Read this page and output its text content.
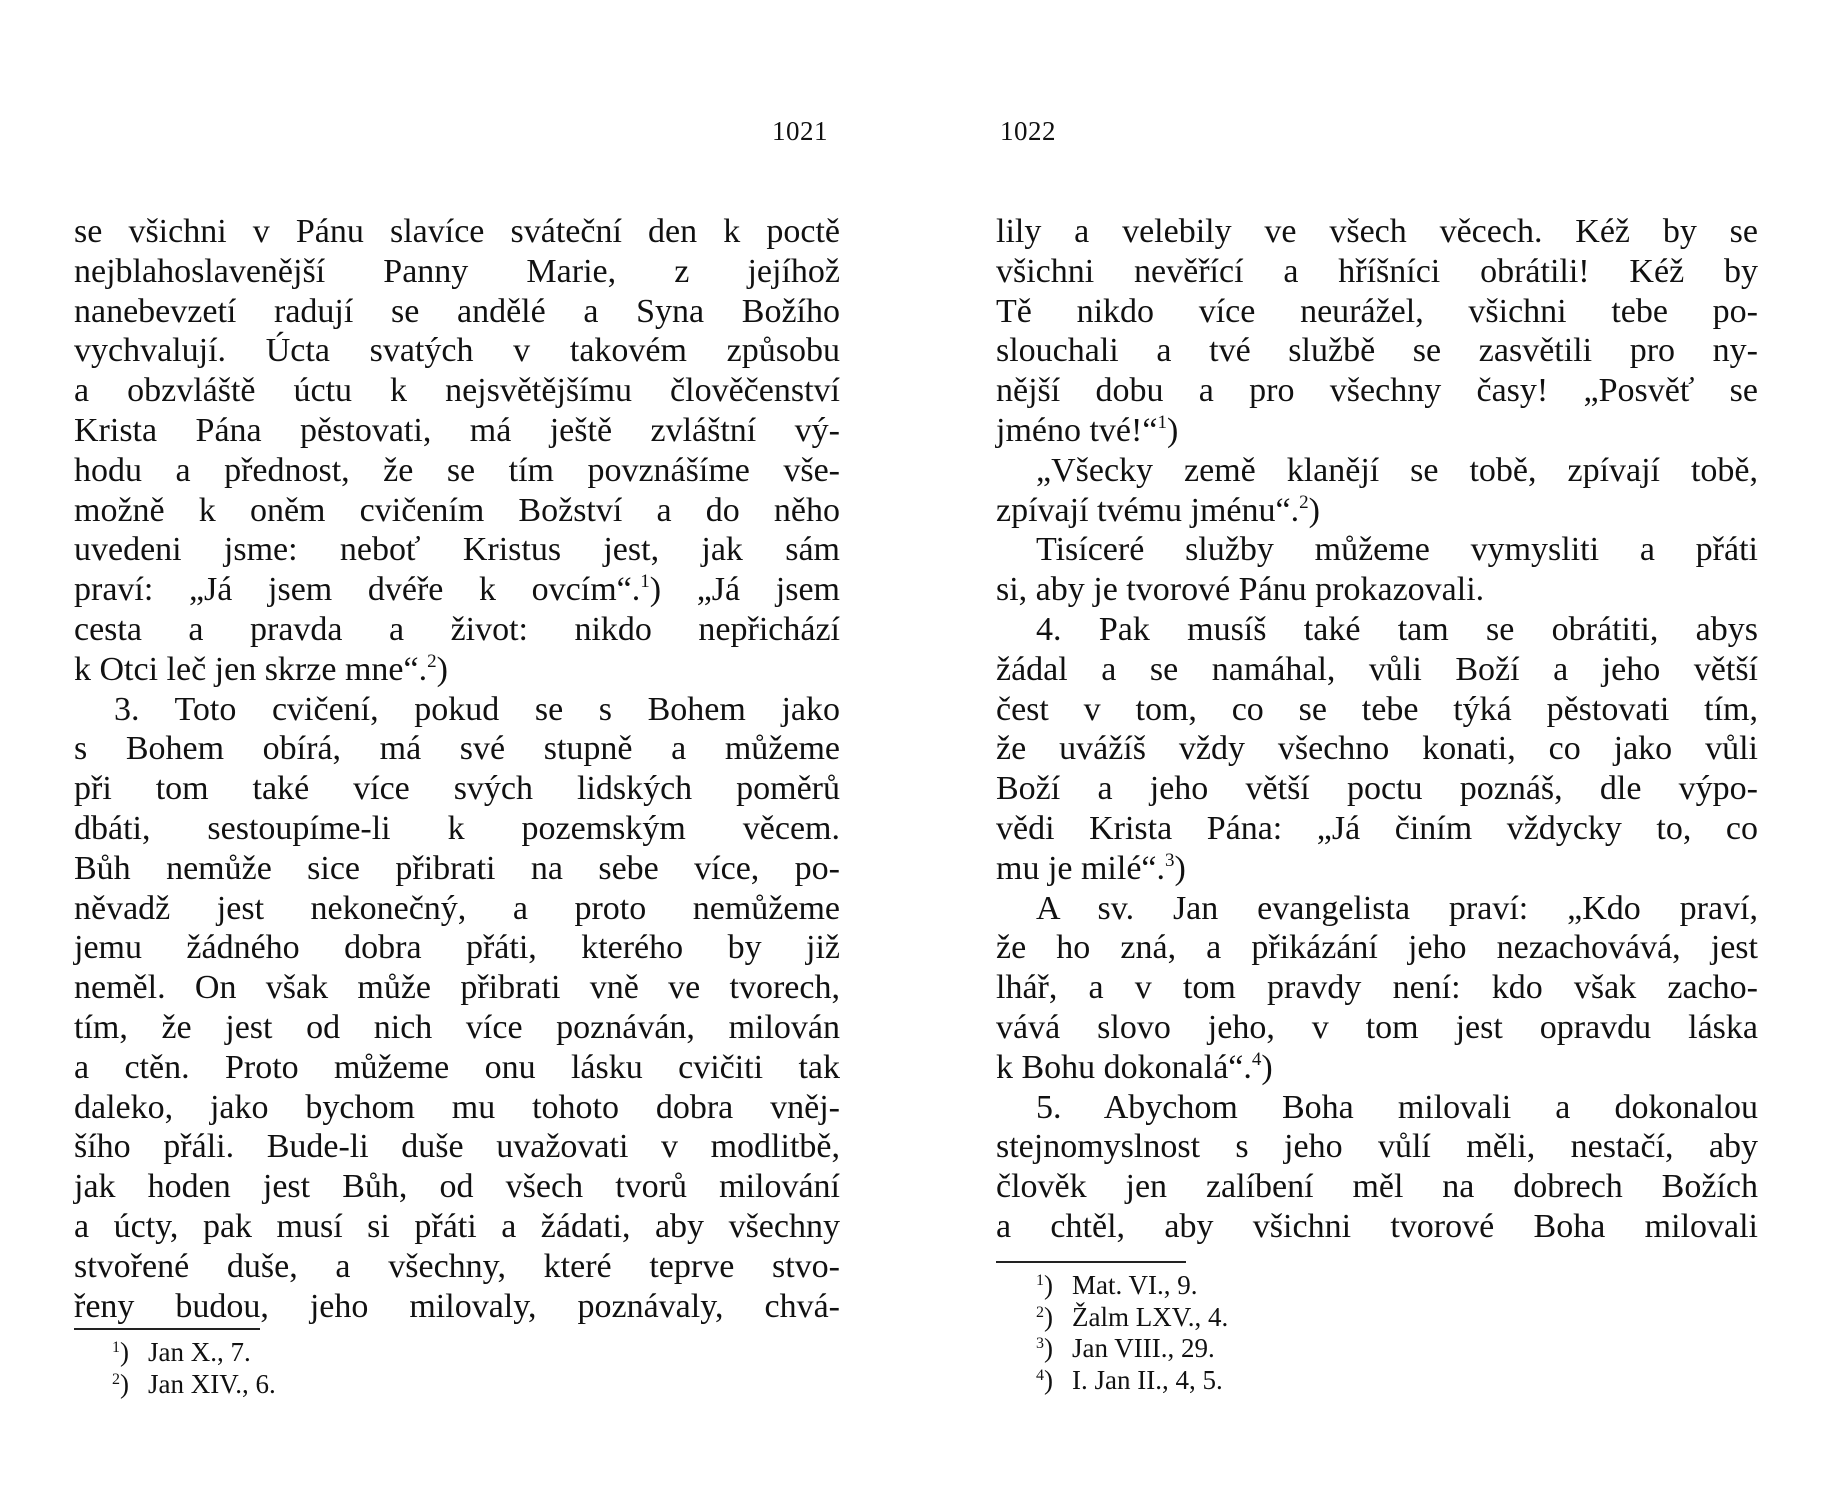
1021	1022
se všichni v Pánu slavíce sváteční den k poctě
nejblahoslavenější Panny Marie, z jejíhož
nanebevzetí radují se andělé a Syna Božího
vychvalují. Úcta svatých v takovém způsobu
a obzvláště úctu k nejsvětějšímu člověčenství
Krista Pána pěstovati, má ještě zvláštní vý-
hodu a přednost, že se tím povznášíme vše-
možně k oněm cvičením Božství a do něho
uvedeni jsme: neboť Kristus jest, jak sám
praví: „Já jsem dvéře k ovcím“.$^1$) „Já jsem
cesta a pravda a život: nikdo nepřichází
k Otci leč jen skrze mne“.$^2$)
3. Toto cvičení, pokud se s Bohem jako
s Bohem obírá, má své stupně a můžeme
při tom také více svých lidských poměrů
dbáti, sestoupíme-li k pozemským věcem.
Bůh nemůže sice přibrati na sebe více, po-
něvadž jest nekonečný, a proto nemůžeme
jemu žádného dobra přáti, kterého by již
neměl. On však může přibrati vně ve tvorech,
tím, že jest od nich více poznáván, milován
a ctěn. Proto můžeme onu lásku cvičiti tak
daleko, jako bychom mu tohoto dobra vněj-
šího přáli. Bude-li duše uvažovati v modlitbě,
jak hoden jest Bůh, od všech tvorů milování
a úcty, pak musí si přáti a žádati, aby všechny
stvořené duše, a všechny, které teprve stvo-
řeny budou, jeho milovaly, poznávaly, chvá-
lily a velebily ve všech věcech. Kéž by se
všichni nevěřící a hříšníci obrátili! Kéž by
Tě nikdo více neurážel, všichni tebe po-
slouchali a tvé službě se zasvětili pro ny-
nější dobu a pro všechny časy! „Posvěť se
jméno tvé!“$^1$)
„Všecky země klanějí se tobě, zpívají tobě,
zpívají tvému jménu“.$^2$)
Tisíceré služby můžeme vymysliti a přáti
si, aby je tvorové Pánu prokazovali.
4. Pak musíš také tam se obrátiti, abys
žádal a se namáhal, vůli Boží a jeho větší
čest v tom, co se tebe týká pěstovati tím,
že uvážíš vždy všechno konati, co jako vůli
Boží a jeho větší poctu poznáš, dle výpo-
vědi Krista Pána: „Já činím vždycky to, co
mu je milé“.$^3$)
A sv. Jan evangelista praví: „Kdo praví,
že ho zná, a přikázání jeho nezachovává, jest
lhář, a v tom pravdy není: kdo však zacho-
vává slovo jeho, v tom jest opravdu láska
k Bohu dokonalá“.$^4$)
5. Abychom Boha milovali a dokonalou
stejnomyslnost s jeho vůlí měli, nestačí, aby
člověk jen zalíbení měl na dobrech Božích
a chtěl, aby všichni tvorové Boha milovali
$^1$) Jan X., 7.
$^2$) Jan XIV., 6.
$^1$) Mat. VI., 9.
$^2$) Žalm LXV., 4.
$^3$) Jan VIII., 29.
$^4$) I. Jan II., 4, 5.
